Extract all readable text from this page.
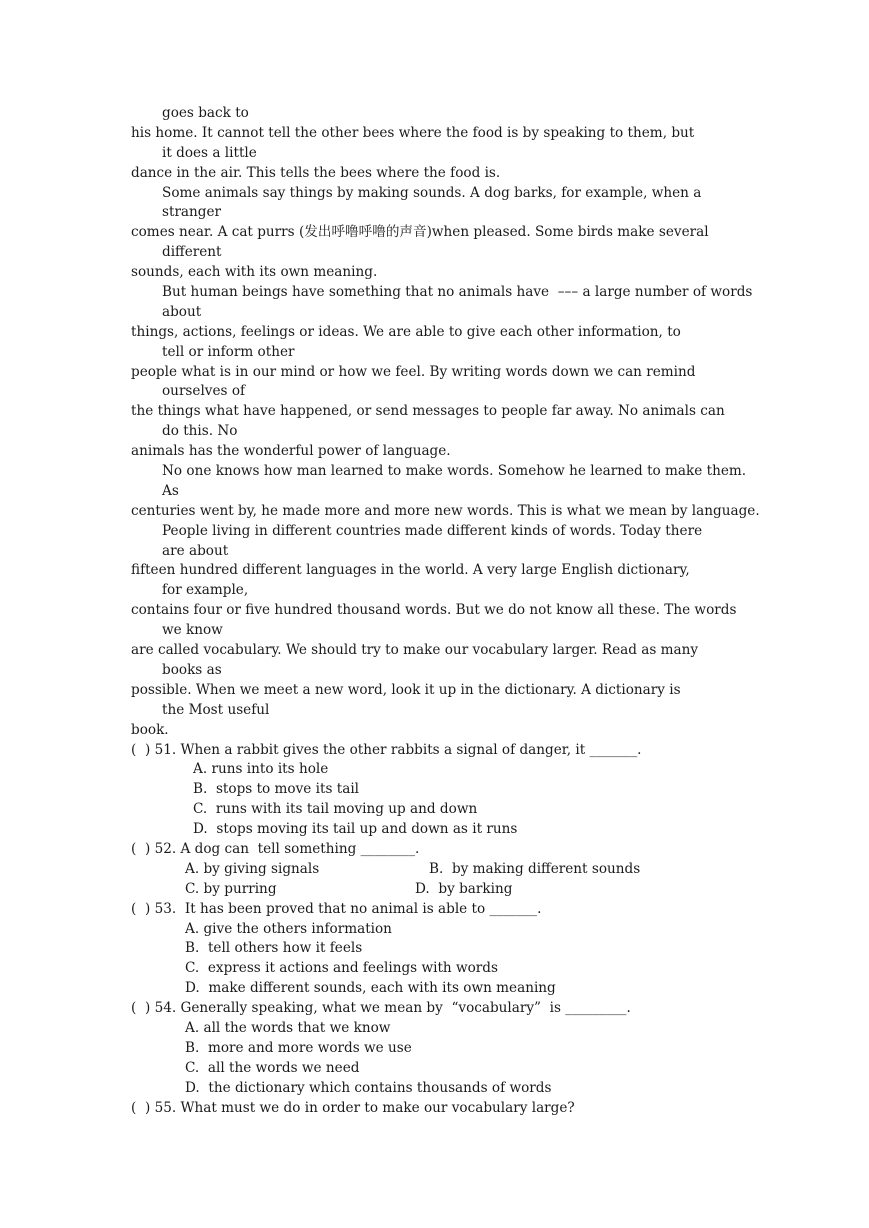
goes back to
his home. It cannot tell the other bees where the food is by speaking to them, but
it does a little
dance in the air. This tells the bees where the food is.
Some animals say things by making sounds. A dog barks, for example, when a
stranger
comes near. A cat purrs (发出呼噜呼噜的声音)when pleased. Some birds make several
different
sounds, each with its own meaning.
But human beings have something that no animals have  ––– a large number of words
about
things, actions, feelings or ideas. We are able to give each other information, to
tell or inform other
people what is in our mind or how we feel. By writing words down we can remind
ourselves of
the things what have happened, or send messages to people far away. No animals can
do this. No
animals has the wonderful power of language.
No one knows how man learned to make words. Somehow he learned to make them.
As
centuries went by, he made more and more new words. This is what we mean by language.
People living in different countries made different kinds of words. Today there
are about
fifteen hundred different languages in the world. A very large English dictionary,
for example,
contains four or five hundred thousand words. But we do not know all these. The words
we know
are called vocabulary. We should try to make our vocabulary larger. Read as many
books as
possible. When we meet a new word, look it up in the dictionary. A dictionary is
the Most useful
book.
(  ) 51. When a rabbit gives the other rabbits a signal of danger, it _______.
A. runs into its hole
B.  stops to move its tail
C.  runs with its tail moving up and down
D.  stops moving its tail up and down as it runs
(  ) 52. A dog can  tell something ________.

A. by giving signals

	B.  by making different sounds

C. by purring

	D.  by barking

(  ) 53.  It has been proved that no animal is able to _______.
A. give the others information
B.  tell others how it feels
C.  express it actions and feelings with words
D.  make different sounds, each with its own meaning
(  ) 54. Generally speaking, what we mean by  “vocabulary”  is _________.
A. all the words that we know
B.  more and more words we use
C.  all the words we need
D.  the dictionary which contains thousands of words
(  ) 55. What must we do in order to make our vocabulary large?
